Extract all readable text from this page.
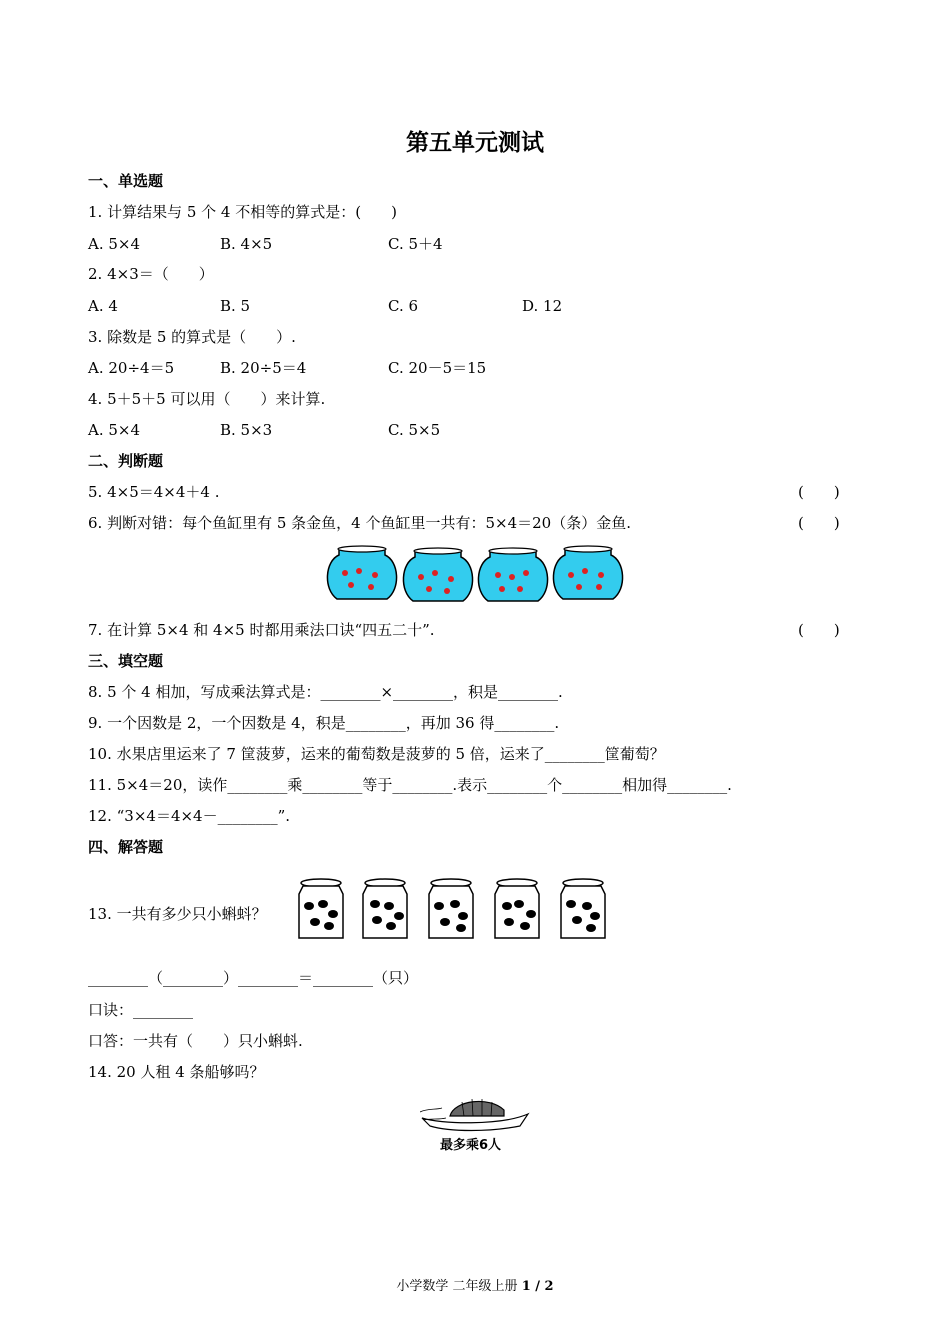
第五单元测试
一、单选题
1. 计算结果与 5 个 4 不相等的算式是：(　　)
A. 5×4	B. 4×5	C. 5＋4
2. 4×3＝（　　）
A. 4	B. 5	C. 6	D. 12
3. 除数是 5 的算式是（　　）.
A. 20÷4＝5	B. 20÷5＝4	C. 20－5＝15
4. 5＋5＋5 可以用（　　）来计算.
A. 5×4	B. 5×3	C. 5×5
二、判断题
5. 4×5＝4×4＋4 .	(　　)
6. 判断对错：每个鱼缸里有 5 条金鱼，4 个鱼缸里一共有：5×4＝20（条）金鱼.	(　　)
7. 在计算 5×4 和 4×5 时都用乘法口诀“四五二十”.	(　　)
三、填空题
8. 5 个 4 相加，写成乘法算式是：________×________，积是________.
9. 一个因数是 2，一个因数是 4，积是________，再加 36 得________.
10. 水果店里运来了 7 筐菠萝，运来的葡萄数是菠萝的 5 倍，运来了________筐葡萄？
11. 5×4＝20，读作________乘________等于________.表示________个________相加得________.
12. “3×4＝4×4－________”.
四、解答题
13. 一共有多少只小蝌蚪？
________（________）________＝________（只）
口诀：________
口答：一共有（　　）只小蝌蚪.
14. 20 人租 4 条船够吗？
最多乘6人
小学数学 二年级上册 1 / 2
